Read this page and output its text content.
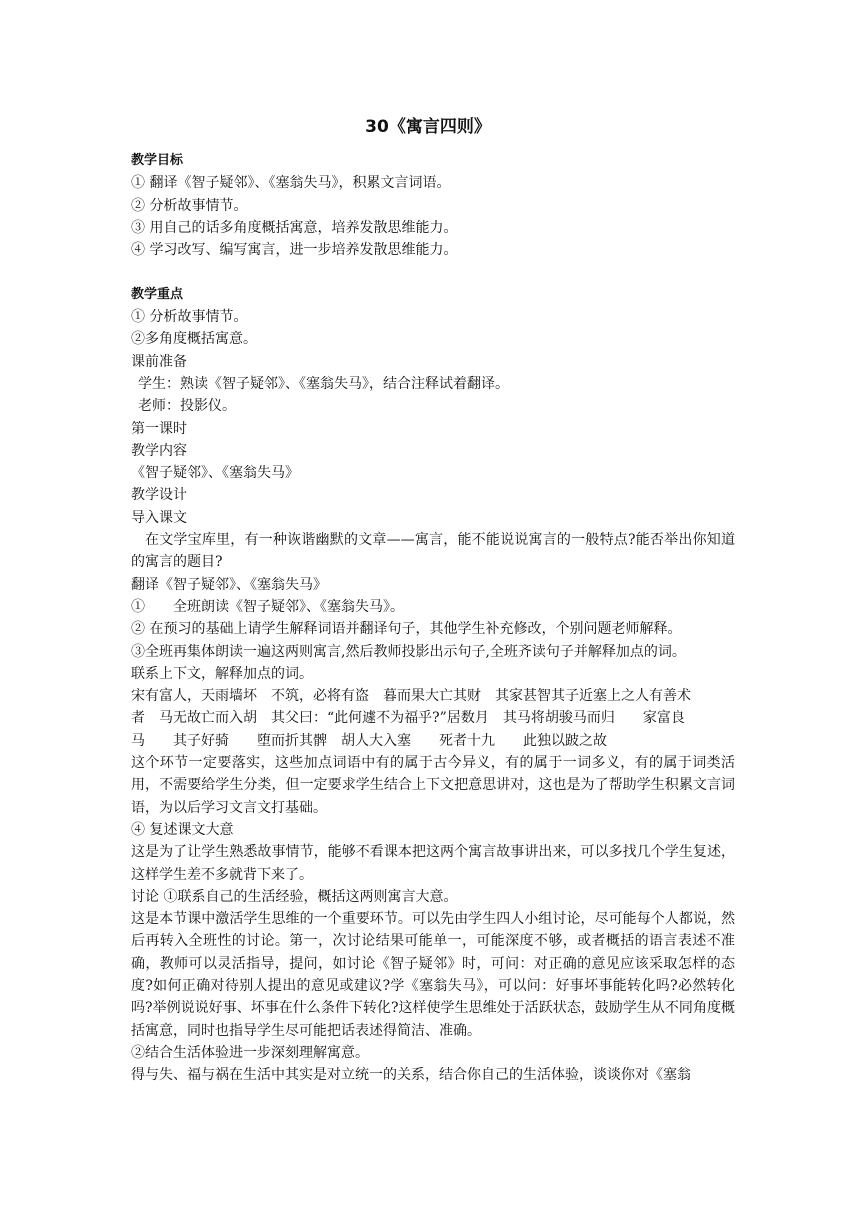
30《寓言四则》
教学目标
① 翻译《智子疑邻》、《塞翁失马》，积累文言词语。
② 分析故事情节。
③ 用自己的话多角度概括寓意，培养发散思维能力。
④ 学习改写、编写寓言，进一步培养发散思维能力。
教学重点
① 分析故事情节。
②多角度概括寓意。
课前准备
学生：熟读《智子疑邻》、《塞翁失马》，结合注释试着翻译。
老师：投影仪。
第一课时
教学内容
《智子疑邻》、《塞翁失马》
教学设计
导入课文

在文学宝库里，有一种诙谐幽默的文章——寓言，能不能说说寓言的一般特点?能否举出你知道的寓言的题目?

翻译《智子疑邻》、《塞翁失马》
①　　全班朗读《智子疑邻》、《塞翁失马》。
② 在预习的基础上请学生解释词语并翻译句子，其他学生补充修改，个别问题老师解释。
③全班再集体朗读一遍这两则寓言,然后教师投影出示句子,全班齐读句子并解释加点的词。
联系上下文，解释加点的词。
宋有富人，天雨墙坏　不筑，必将有盗　暮而果大亡其财　其家甚智其子近塞上之人有善术
者　马无故亡而入胡　其父曰：“此何遽不为福乎?”居数月　其马将胡骏马而归　　家富良
马　　其子好骑　　堕而折其髀　胡人大入塞　　死者十九　　此独以跛之故

这个环节一定要落实，这些加点词语中有的属于古今异义，有的属于一词多义，有的属于词类活用，不需要给学生分类，但一定要求学生结合上下文把意思讲对，这也是为了帮助学生积累文言词语，为以后学习文言文打基础。

④ 复述课文大意

这是为了让学生熟悉故事情节，能够不看课本把这两个寓言故事讲出来，可以多找几个学生复述，这样学生差不多就背下来了。

讨论 ①联系自己的生活经验，概括这两则寓言大意。

这是本节课中激活学生思维的一个重要环节。可以先由学生四人小组讨论，尽可能每个人都说，然后再转入全班性的讨论。第一，次讨论结果可能单一，可能深度不够，或者概括的语言表述不准确，教师可以灵活指导，提问，如讨论《智子疑邻》时，可问：对正确的意见应该采取怎样的态度?如何正确对待别人提出的意见或建议?学《塞翁失马》，可以问：好事坏事能转化吗?必然转化吗?举例说说好事、坏事在什么条件下转化?这样使学生思维处于活跃状态，鼓励学生从不同角度概括寓意，同时也指导学生尽可能把话表述得简洁、准确。

②结合生活体验进一步深刻理解寓意。
得与失、福与祸在生活中其实是对立统一的关系，结合你自己的生活体验，谈谈你对《塞翁
